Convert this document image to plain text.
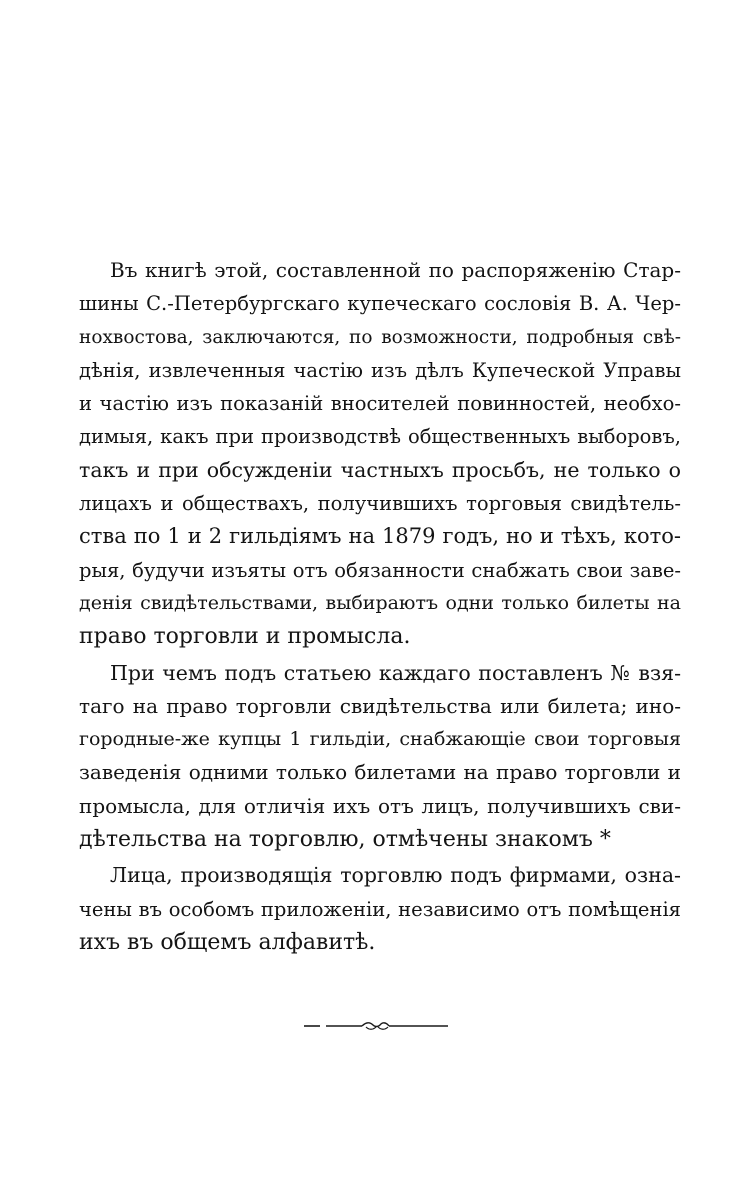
Въ книгѣ этой, составленной по распоряженію Стар-
шины С.-Петербургскаго купеческаго сословія В. А. Чер-
нохвостова, заключаются, по возможности, подробныя свѣ-
дѣнія, извлеченныя частію изъ дѣлъ Купеческой Управы
и частію изъ показаній вносителей повинностей, необхо-
димыя, какъ при производствѣ общественныхъ выборовъ,
такъ и при обсужденіи частныхъ просьбъ, не только о
лицахъ и обществахъ, получившихъ торговыя свидѣтель-
ства по 1 и 2 гильдіямъ на 1879 годъ, но и тѣхъ, кото-
рыя, будучи изъяты отъ обязанности снабжать свои заве-
денія свидѣтельствами, выбираютъ одни только билеты на
право торговли и промысла.
При чемъ подъ статьею каждаго поставленъ № взя-
таго на право торговли свидѣтельства или билета; ино-
городные-же купцы 1 гильдіи, снабжающіе свои торговыя
заведенія одними только билетами на право торговли и
промысла, для отличія ихъ отъ лицъ, получившихъ сви-
дѣтельства на торговлю, отмѣчены знакомъ *
Лица, производящія торговлю подъ фирмами, озна-
чены въ особомъ приложеніи, независимо отъ помѣщенія
ихъ въ общемъ алфавитѣ.
